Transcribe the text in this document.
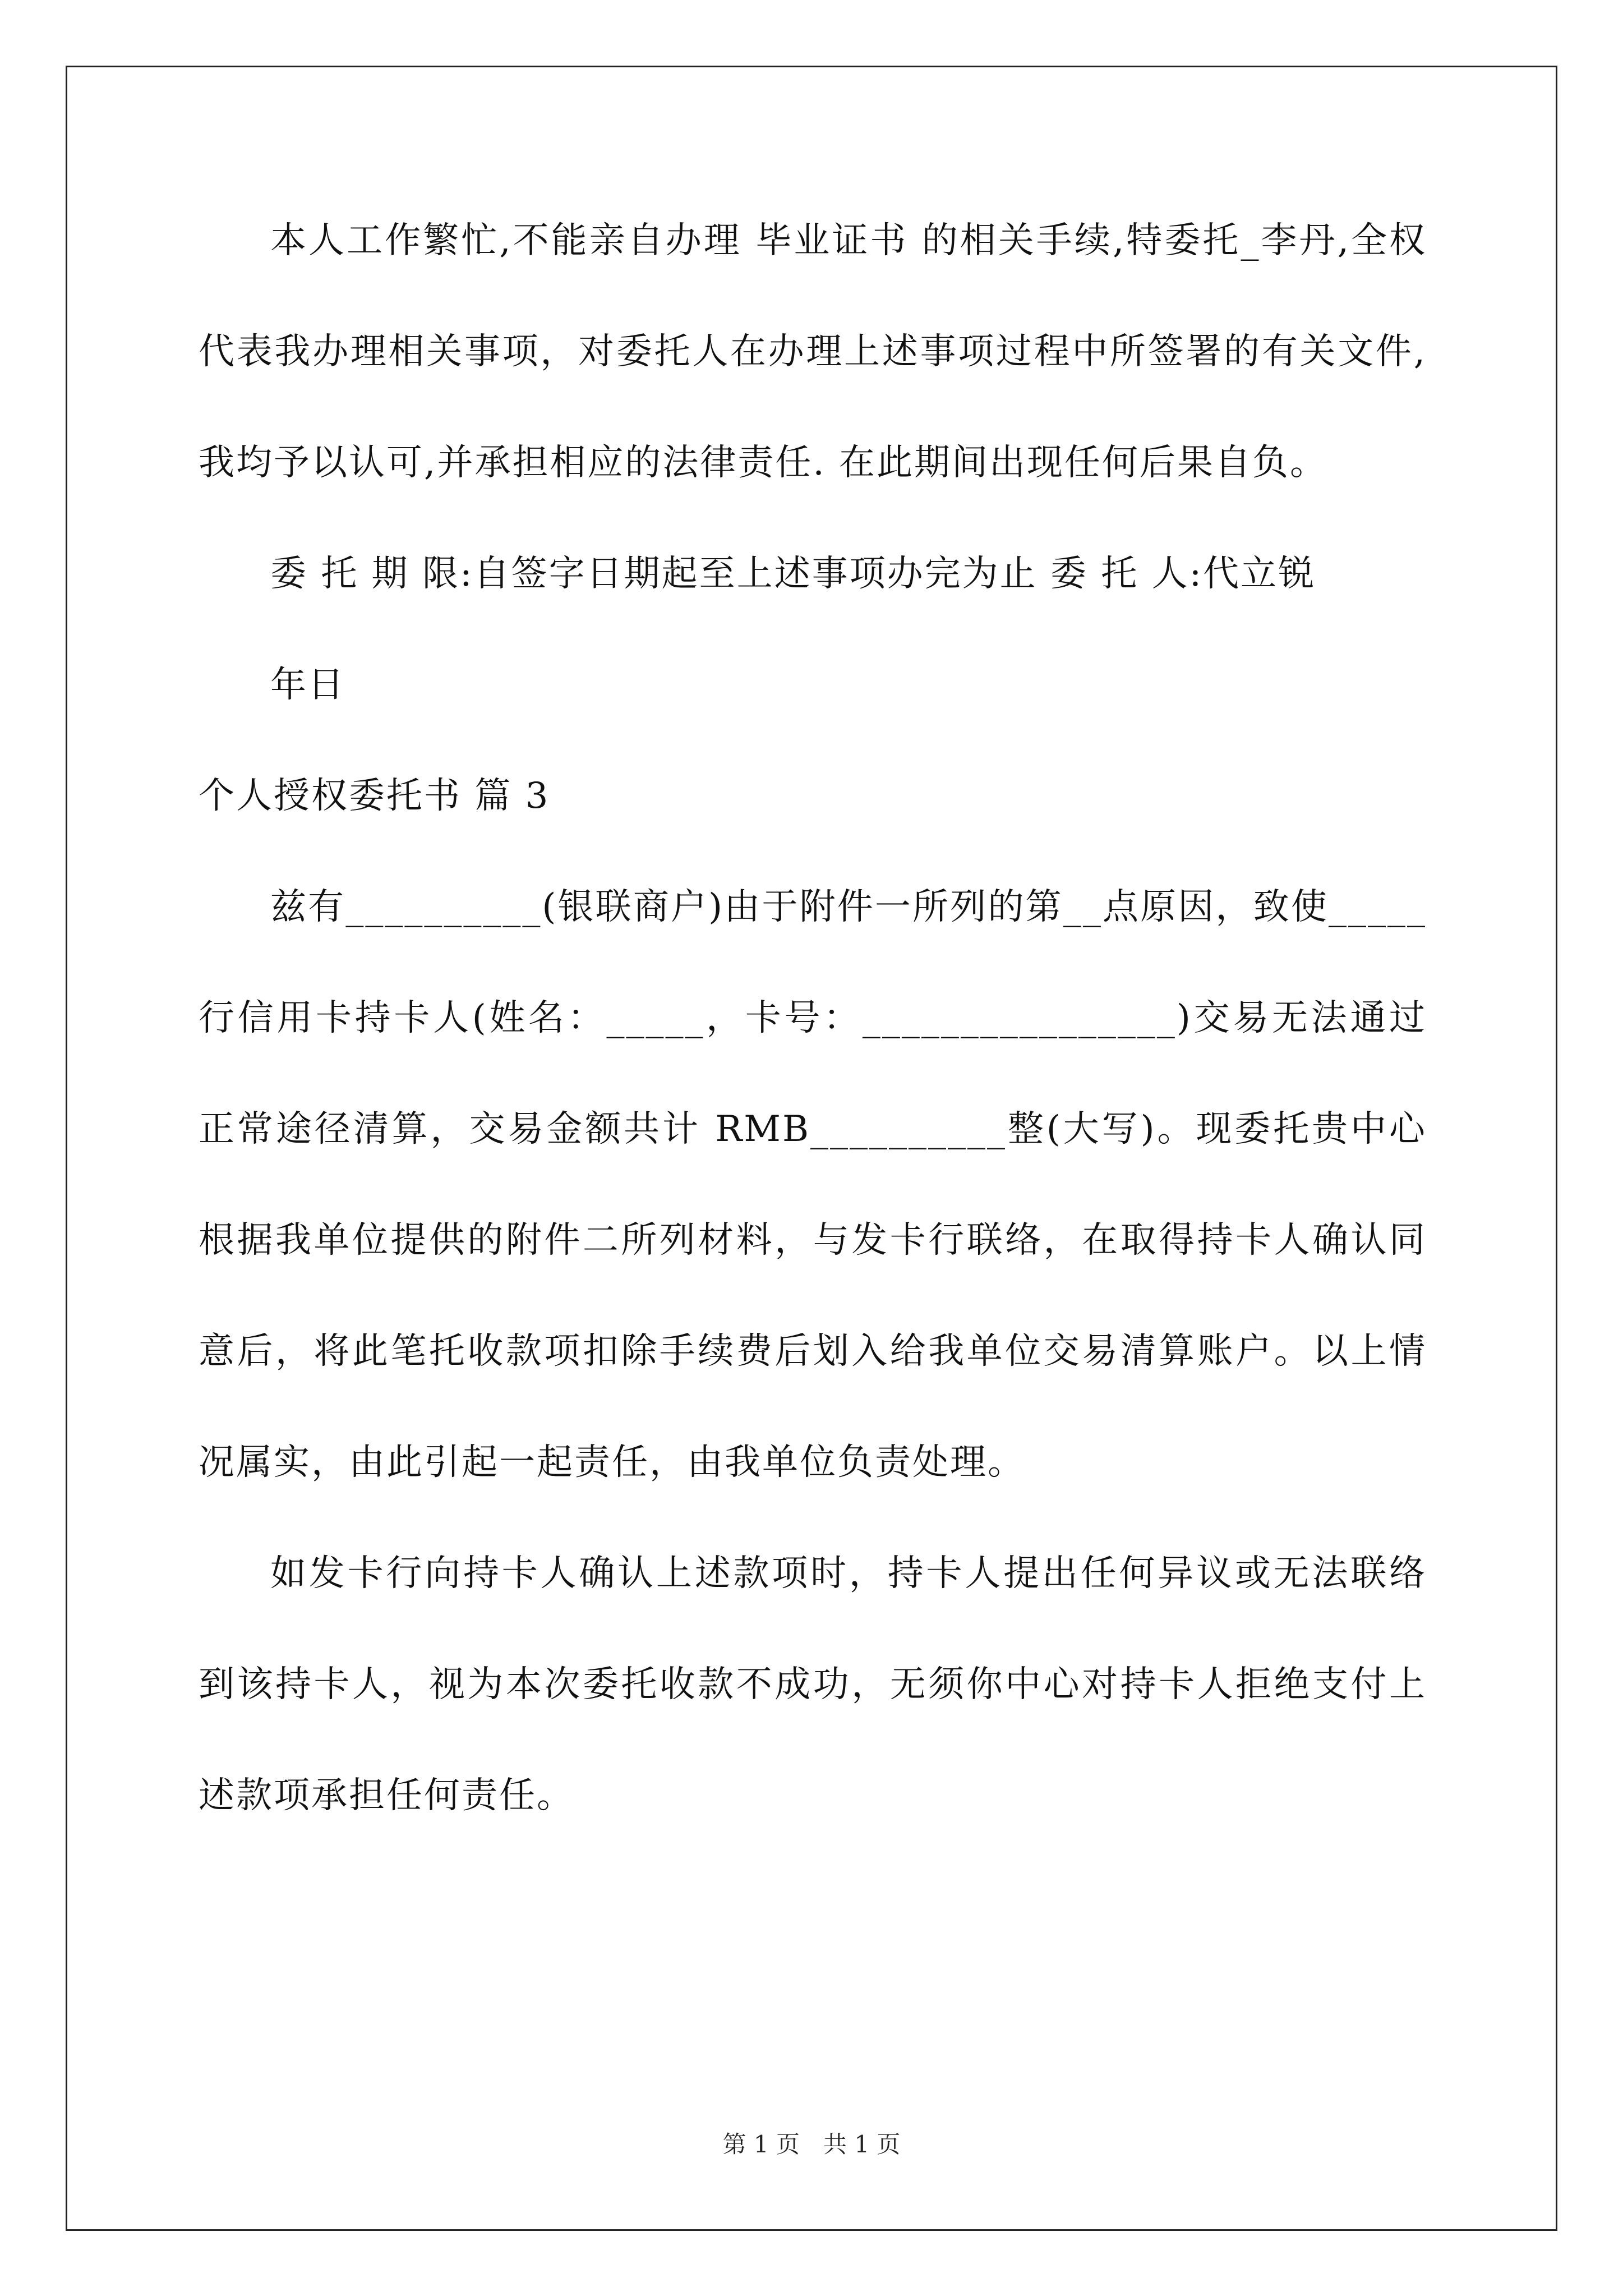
本人工作繁忙,不能亲自办理 毕业证书 的相关手续,特委托_李丹,全权代表我办理相关事项，对委托人在办理上述事项过程中所签署的有关文件,我均予以认可,并承担相应的法律责任. 在此期间出现任何后果自负。

委 托 期 限:自签字日期起至上述事项办完为止 委 托 人:代立锐

年日

个人授权委托书 篇 3

兹有__________(银联商户)由于附件一所列的第__点原因，致使_____行信用卡持卡人(姓名：_____，卡号：________________)交易无法通过正常途径清算，交易金额共计 RMB__________整(大写)。现委托贵中心根据我单位提供的附件二所列材料，与发卡行联络，在取得持卡人确认同意后，将此笔托收款项扣除手续费后划入给我单位交易清算账户。以上情况属实，由此引起一起责任，由我单位负责处理。

如发卡行向持卡人确认上述款项时，持卡人提出任何异议或无法联络到该持卡人，视为本次委托收款不成功，无须你中心对持卡人拒绝支付上述款项承担任何责任。

第 1 页　共 1 页
